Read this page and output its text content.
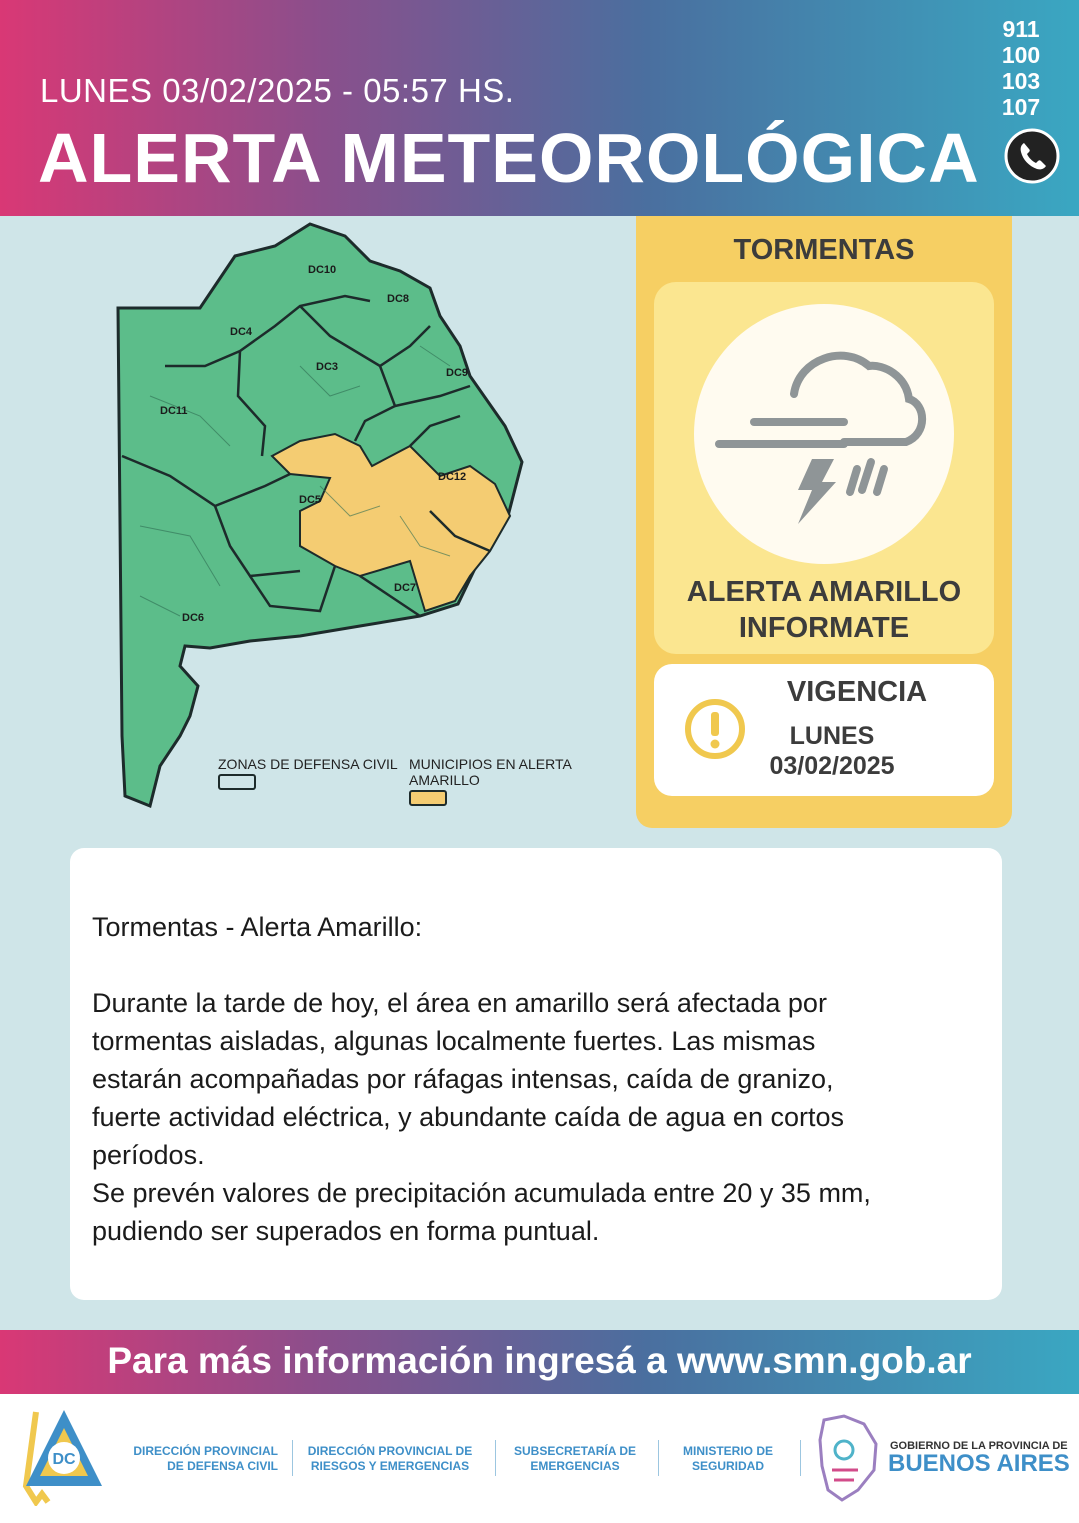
LUNES 03/02/2025 - 05:57 HS.
ALERTA METEOROLÓGICA
911
100
103
107
DC10
DC8
DC4
DC3	DC9
DC11
DC12
DC5
DC7
DC6
ZONAS DE DEFENSA CIVIL MUNICIPIOS EN ALERTA AMARILLO
TORMENTAS
ALERTA AMARILLO
INFORMATE
VIGENCIA
LUNES
03/02/2025
Tormentas - Alerta Amarillo:
Durante la tarde de hoy, el área en amarillo será afectada por
tormentas aisladas, algunas localmente fuertes. Las mismas
estarán acompañadas por ráfagas intensas, caída de granizo,
fuerte actividad eléctrica, y abundante caída de agua en cortos
períodos.
Se prevén valores de precipitación acumulada entre 20 y 35 mm,
pudiendo ser superados en forma puntual.
Para más información ingresá a www.smn.gob.ar
DC	DIRECCIÓN PROVINCIAL
DE DEFENSA CIVIL
DIRECCIÓN PROVINCIAL DE
RIESGOS Y EMERGENCIAS
SUBSECRETARÍA DE
EMERGENCIAS
MINISTERIO DE
SEGURIDAD
GOBIERNO DE LA PROVINCIA DE
BUENOS AIRES
